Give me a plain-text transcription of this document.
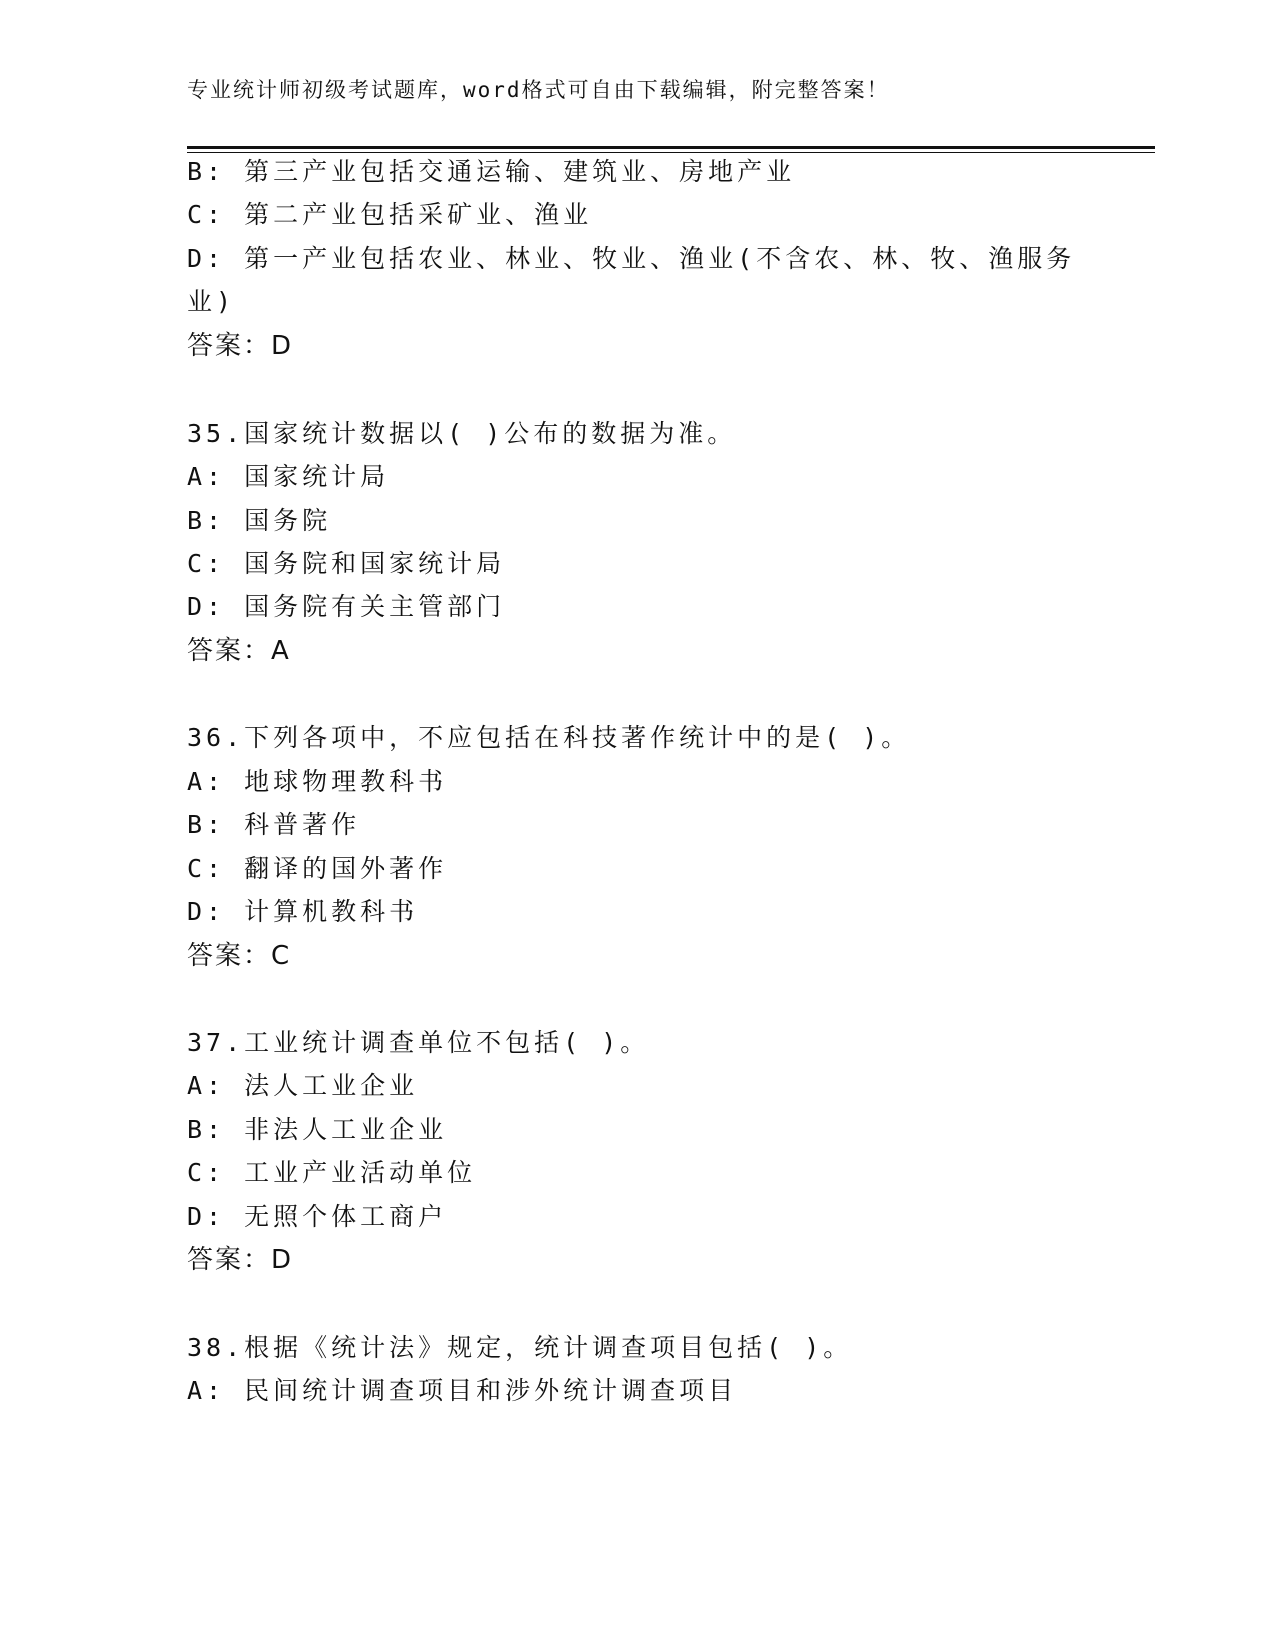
专业统计师初级考试题库，word格式可自由下载编辑，附完整答案！
B: 第三产业包括交通运输、建筑业、房地产业
C: 第二产业包括采矿业、渔业
D: 第一产业包括农业、林业、牧业、渔业(不含农、林、牧、渔服务
业)
答案：D
35.国家统计数据以( )公布的数据为准。
A: 国家统计局
B: 国务院
C: 国务院和国家统计局
D: 国务院有关主管部门
答案：A
36.下列各项中，不应包括在科技著作统计中的是( )。
A: 地球物理教科书
B: 科普著作
C: 翻译的国外著作
D: 计算机教科书
答案：C
37.工业统计调查单位不包括( )。
A: 法人工业企业
B: 非法人工业企业
C: 工业产业活动单位
D: 无照个体工商户
答案：D
38.根据《统计法》规定，统计调查项目包括( )。
A: 民间统计调查项目和涉外统计调查项目
